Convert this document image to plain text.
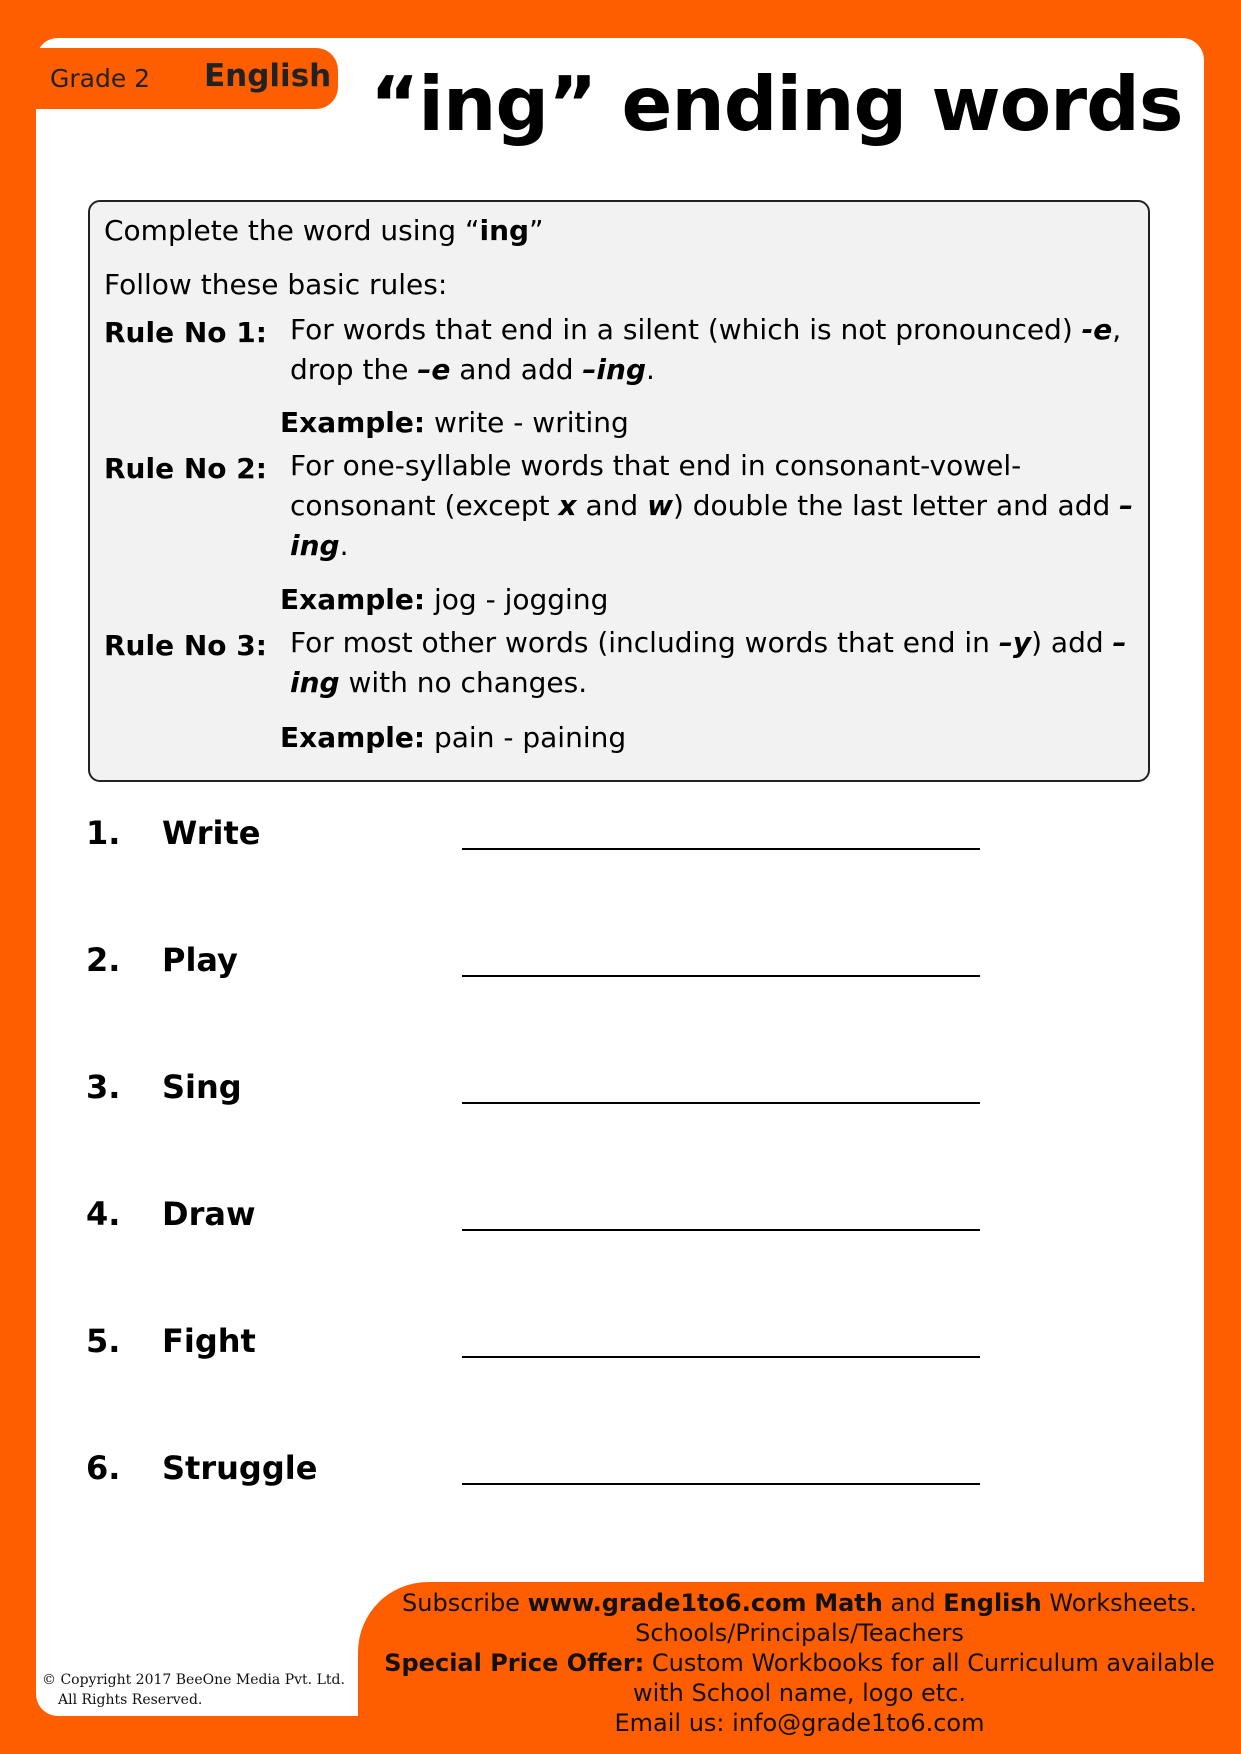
Grade 2 English “ing” ending words
Complete the word using “ing”
Follow these basic rules:
Rule No 1: For words that end in a silent (which is not pronounced) -e, drop the –e and add –ing.
Example: write - writing
Rule No 2: For one-syllable words that end in consonant-vowel-consonant (except x and w) double the last letter and add –ing.
Example: jog - jogging
Rule No 3: For most other words (including words that end in –y) add –ing with no changes.
Example: pain - paining
1. Write
2. Play
3. Sing
4. Draw
5. Fight
6. Struggle
Subscribe www.grade1to6.com Math and English Worksheets.
Schools/Principals/Teachers
Special Price Offer: Custom Workbooks for all Curriculum available
with School name, logo etc.
Email us: info@grade1to6.com
© Copyright 2017 BeeOne Media Pvt. Ltd.
All Rights Reserved.
